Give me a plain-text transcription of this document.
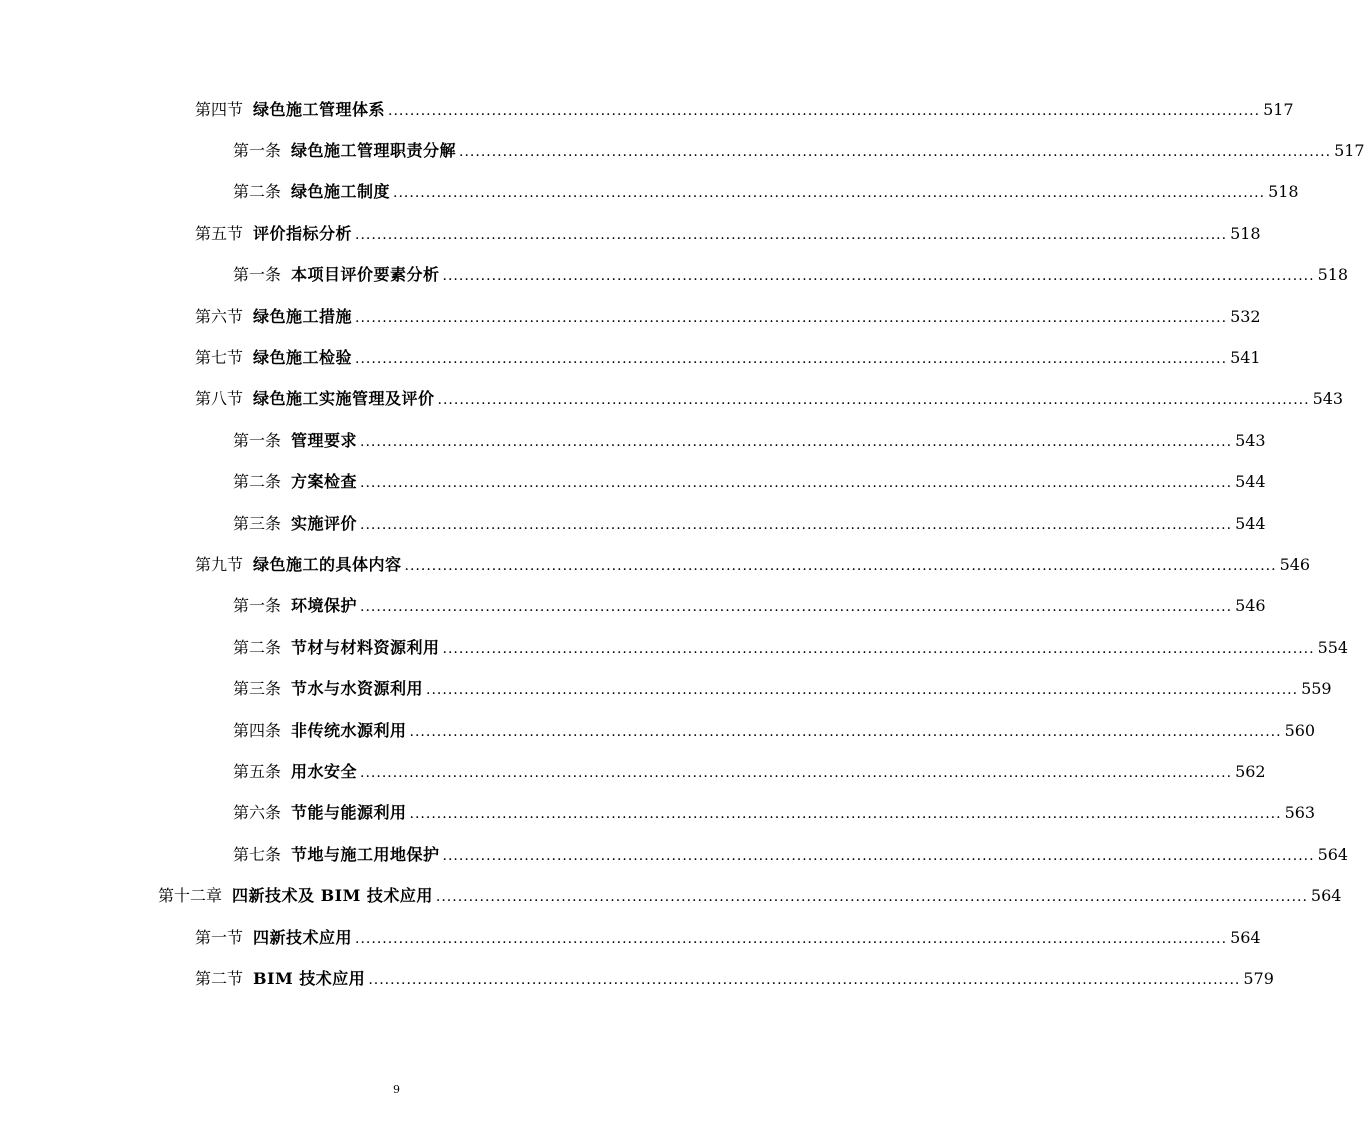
第四节 绿色施工管理体系 ................................................................................................................................................................ 517
第一条 绿色施工管理职责分解 ................................................................................................................................................................ 517
第二条 绿色施工制度 ................................................................................................................................................................ 518
第五节 评价指标分析 ................................................................................................................................................................ 518
第一条 本项目评价要素分析 ................................................................................................................................................................ 518
第六节 绿色施工措施 ................................................................................................................................................................ 532
第七节 绿色施工检验 ................................................................................................................................................................ 541
第八节 绿色施工实施管理及评价 ................................................................................................................................................................ 543
第一条 管理要求 ................................................................................................................................................................ 543
第二条 方案检查 ................................................................................................................................................................ 544
第三条 实施评价 ................................................................................................................................................................ 544
第九节 绿色施工的具体内容 ................................................................................................................................................................ 546
第一条 环境保护 ................................................................................................................................................................ 546
第二条 节材与材料资源利用 ................................................................................................................................................................ 554
第三条 节水与水资源利用 ................................................................................................................................................................ 559
第四条 非传统水源利用 ................................................................................................................................................................ 560
第五条 用水安全 ................................................................................................................................................................ 562
第六条 节能与能源利用 ................................................................................................................................................................ 563
第七条 节地与施工用地保护 ................................................................................................................................................................ 564
第十二章 四新技术及 BIM 技术应用 ................................................................................................................................................................ 564
第一节 四新技术应用 ................................................................................................................................................................ 564
第二节 BIM 技术应用 ................................................................................................................................................................ 579
9
